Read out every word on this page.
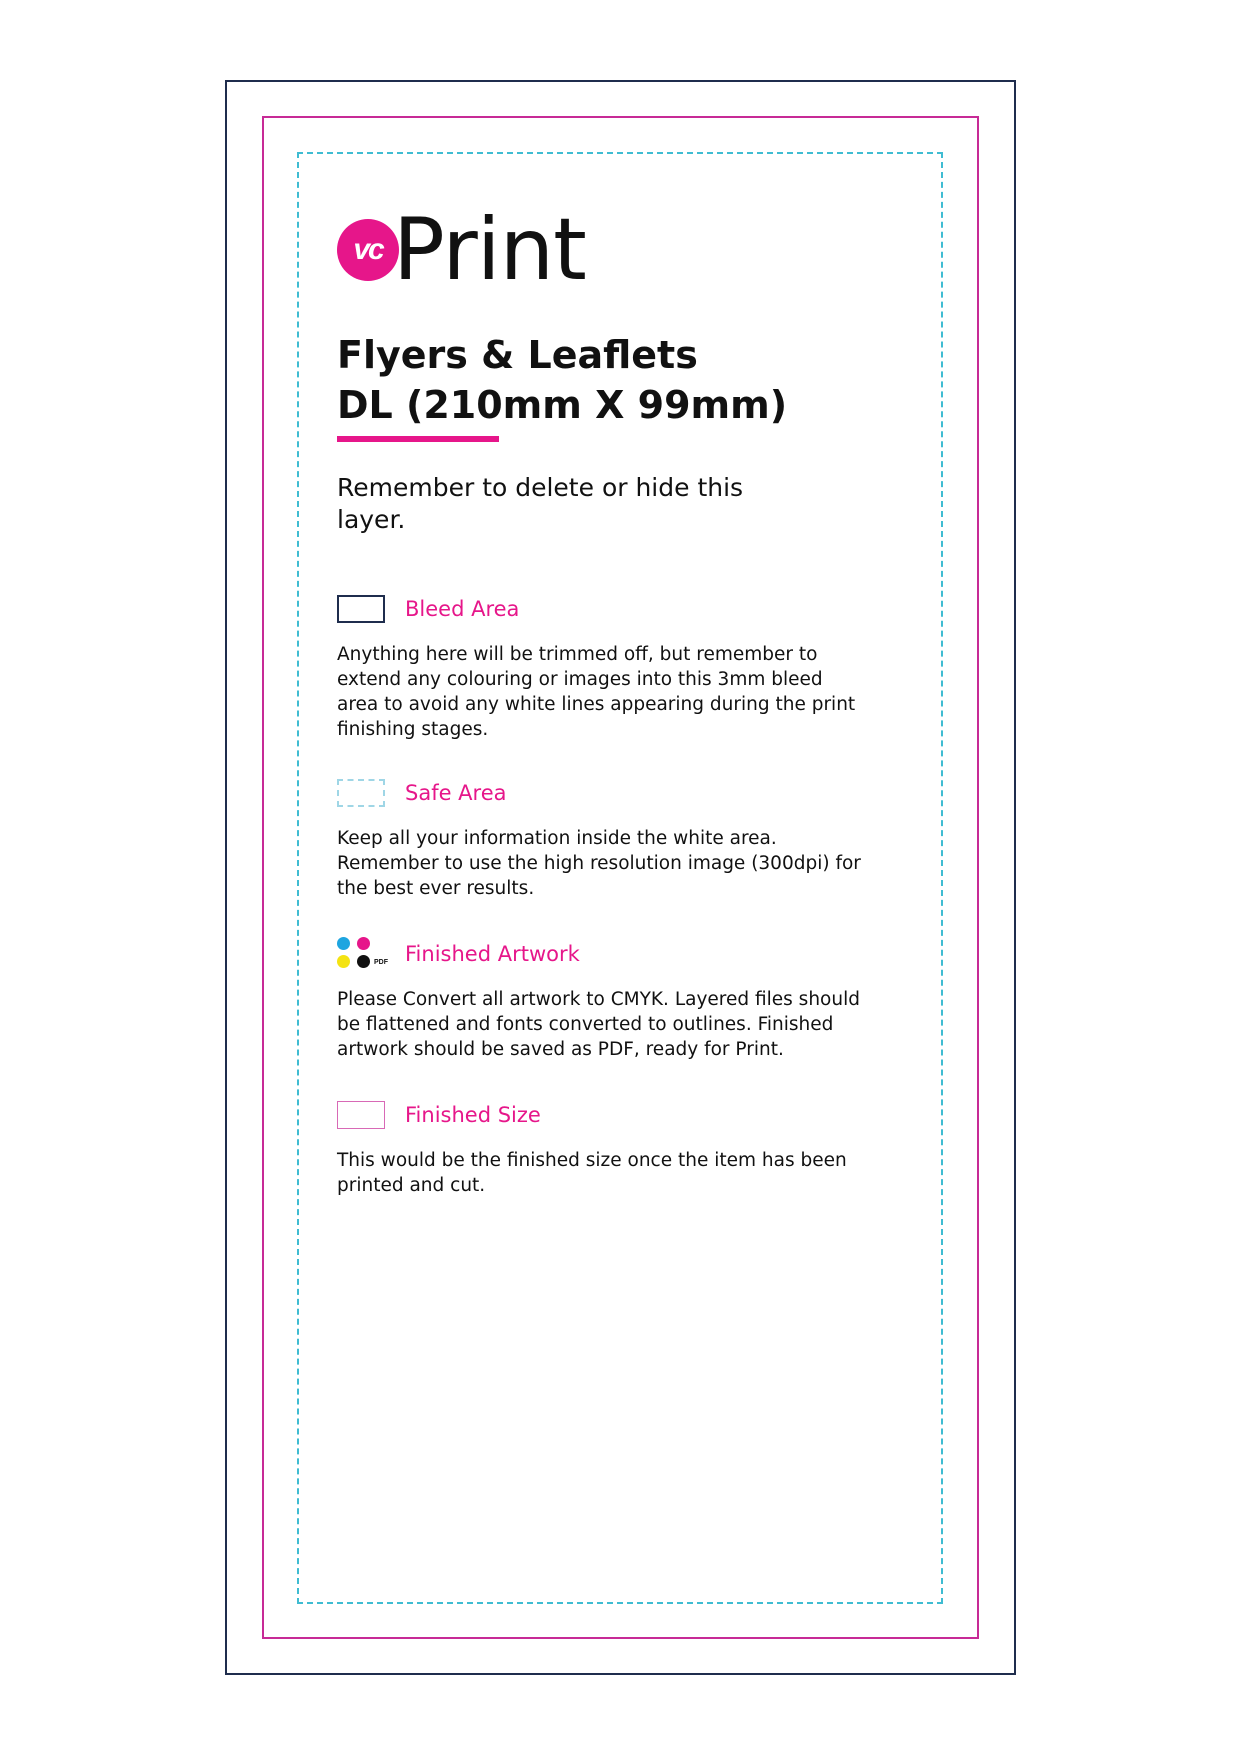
vc Print
Flyers & Leaflets
DL (210mm X 99mm)
Remember to delete or hide this layer.
Bleed Area
Anything here will be trimmed off, but remember to extend any colouring or images into this 3mm bleed area to avoid any white lines appearing during the print finishing stages.
Safe Area
Keep all your information inside the white area. Remember to use the high resolution image (300dpi) for the best ever results.
PDF Finished Artwork
Please Convert all artwork to CMYK. Layered files should be flattened and fonts converted to outlines. Finished artwork should be saved as PDF, ready for Print.
Finished Size
This would be the finished size once the item has been printed and cut.
